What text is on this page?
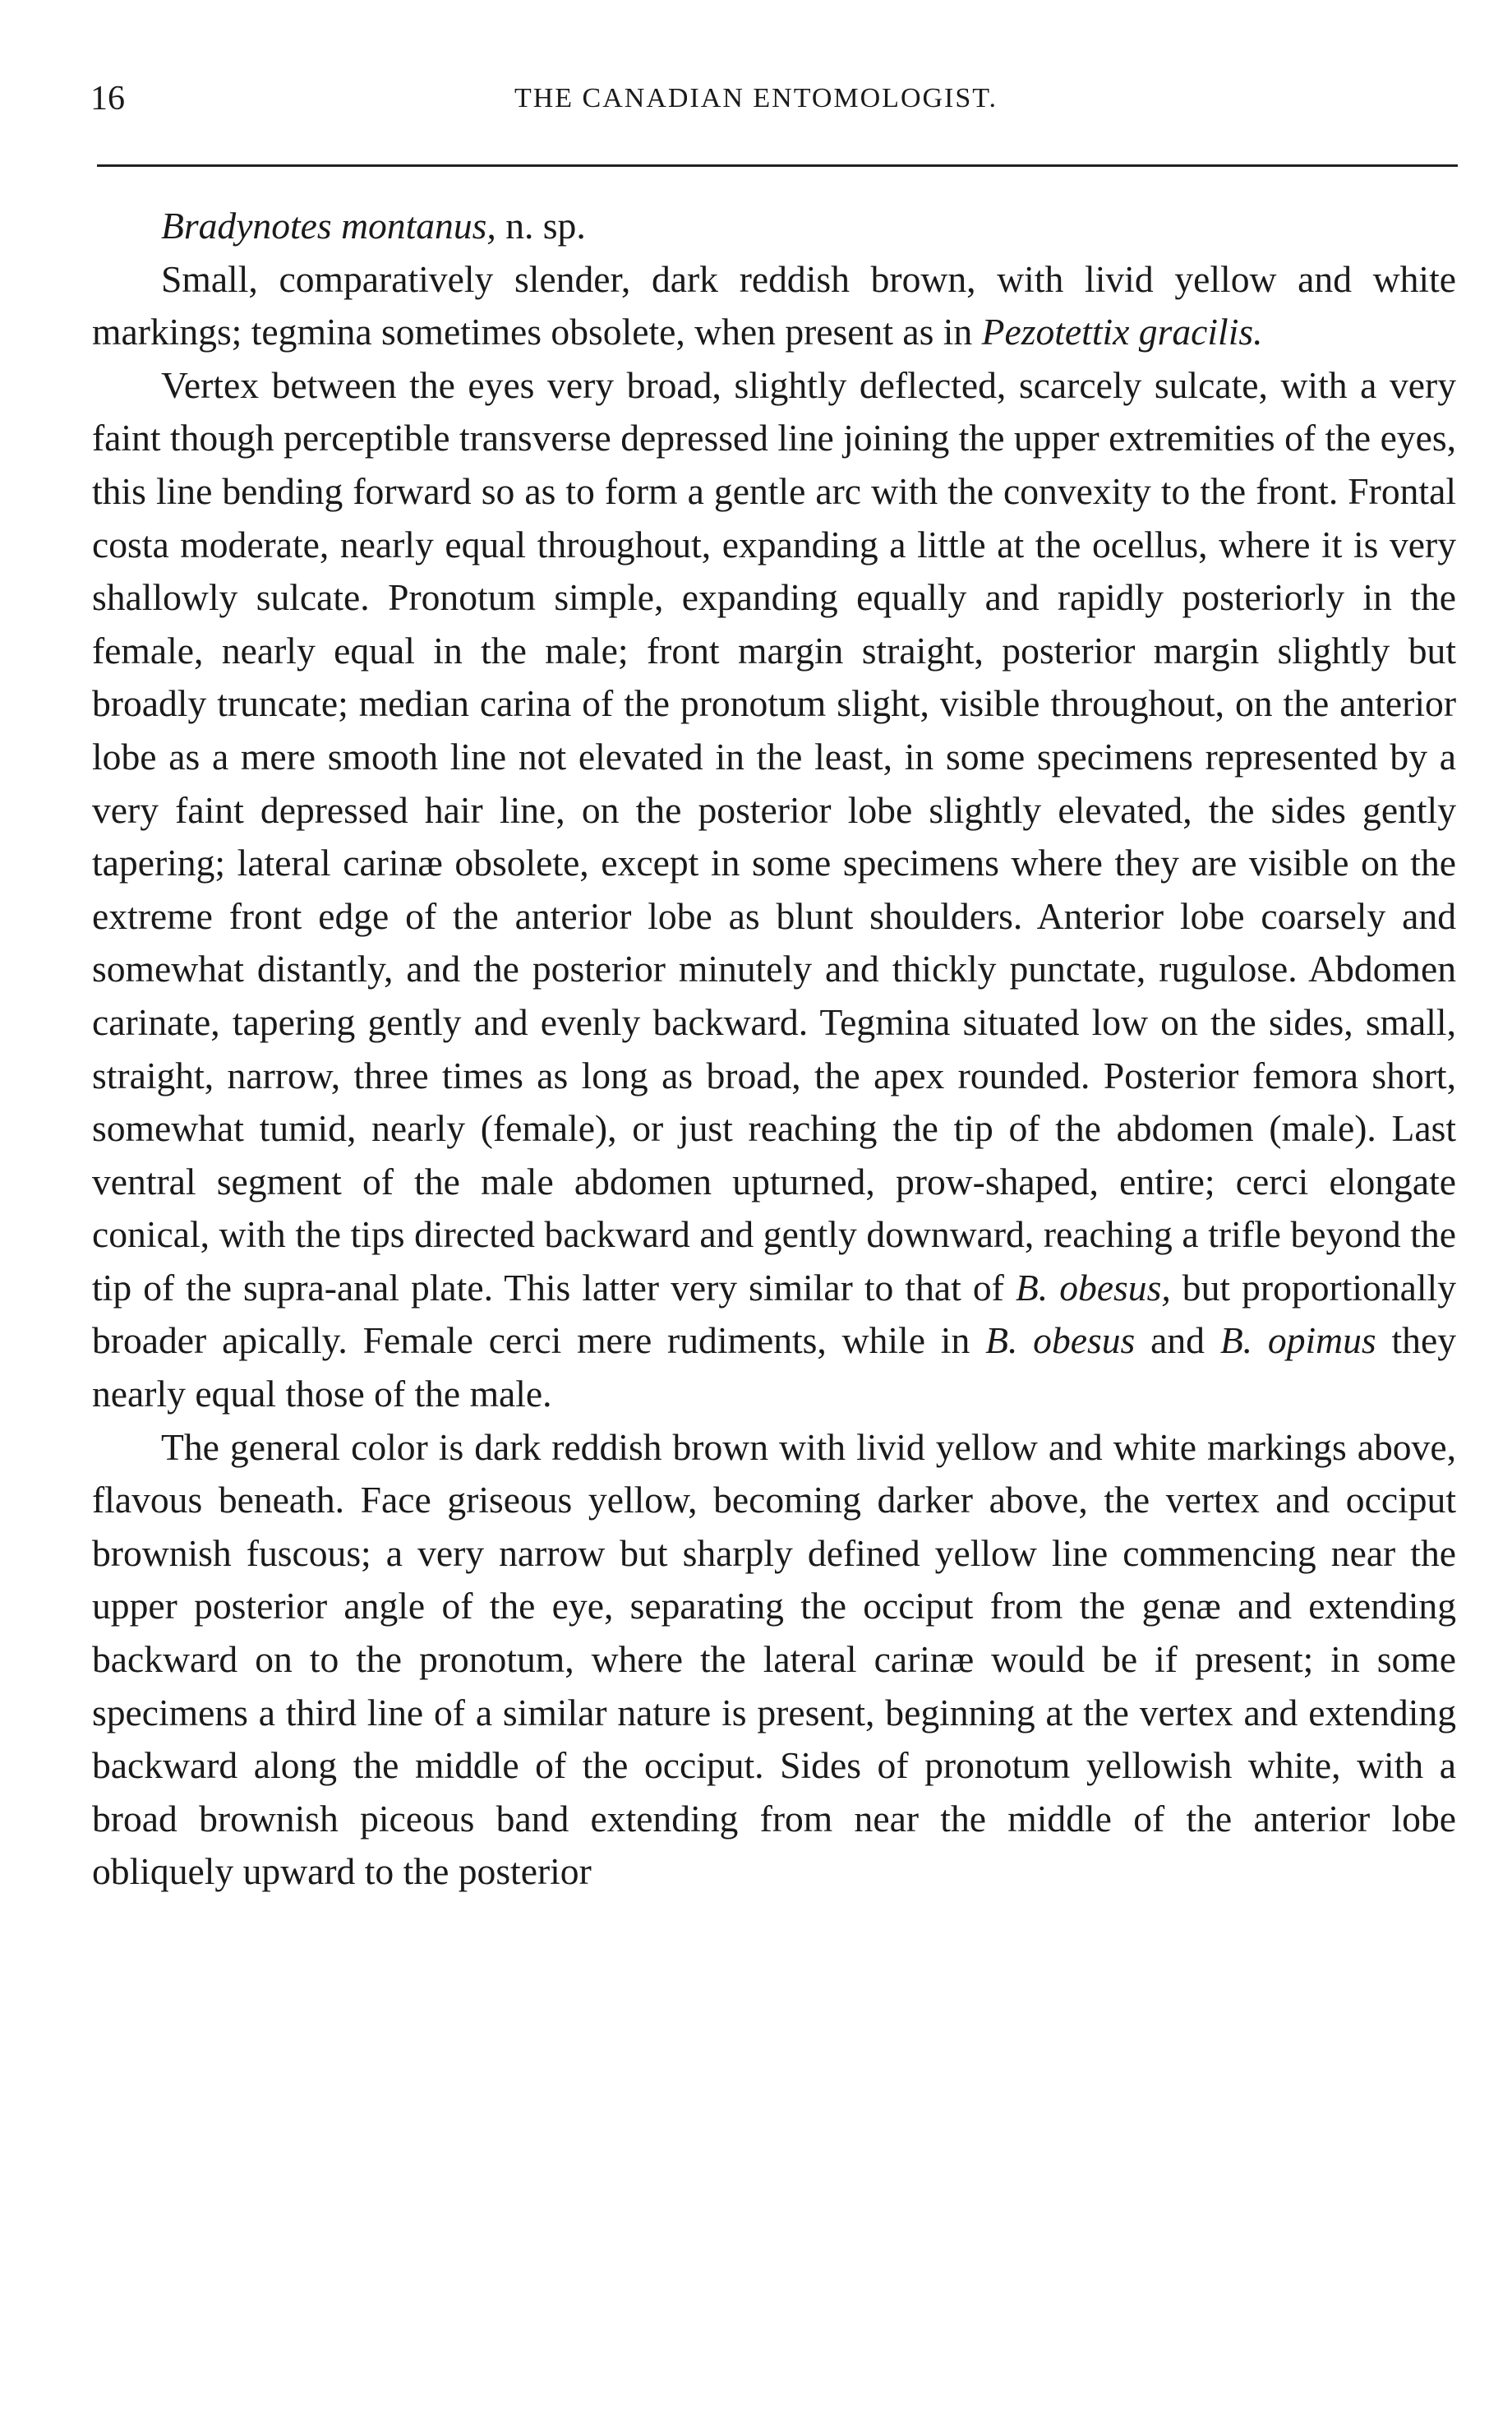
16	THE CANADIAN ENTOMOLOGIST.

Bradynotes montanus, n. sp.

Small, comparatively slender, dark reddish brown, with livid yellow and white markings; tegmina sometimes obsolete, when present as in Pezotettix gracilis.

Vertex between the eyes very broad, slightly deflected, scarcely sulcate, with a very faint though perceptible transverse depressed line joining the upper extremities of the eyes, this line bending forward so as to form a gentle arc with the convexity to the front. Frontal costa moderate, nearly equal throughout, expanding a little at the ocellus, where it is very shallowly sulcate. Pronotum simple, expanding equally and rapidly posteriorly in the female, nearly equal in the male; front margin straight, posterior margin slightly but broadly truncate; median carina of the pronotum slight, visible throughout, on the anterior lobe as a mere smooth line not elevated in the least, in some specimens represented by a very faint depressed hair line, on the posterior lobe slightly elevated, the sides gently tapering; lateral carinæ obsolete, except in some specimens where they are visible on the extreme front edge of the anterior lobe as blunt shoulders. Anterior lobe coarsely and somewhat distantly, and the posterior minutely and thickly punctate, rugulose. Abdomen carinate, tapering gently and evenly backward. Tegmina situated low on the sides, small, straight, narrow, three times as long as broad, the apex rounded. Posterior femora short, somewhat tumid, nearly (female), or just reaching the tip of the abdomen (male). Last ventral segment of the male abdomen upturned, prow-shaped, entire; cerci elongate conical, with the tips directed backward and gently downward, reaching a trifle beyond the tip of the supra-anal plate. This latter very similar to that of B. obesus, but proportionally broader apically. Female cerci mere rudiments, while in B. obesus and B. opimus they nearly equal those of the male.

The general color is dark reddish brown with livid yellow and white markings above, flavous beneath. Face griseous yellow, becoming darker above, the vertex and occiput brownish fuscous; a very narrow but sharply defined yellow line commencing near the upper posterior angle of the eye, separating the occiput from the genæ and extending backward on to the pronotum, where the lateral carinæ would be if present; in some specimens a third line of a similar nature is present, beginning at the vertex and extending backward along the middle of the occiput. Sides of pronotum yellowish white, with a broad brownish piceous band extending from near the middle of the anterior lobe obliquely upward to the posterior
